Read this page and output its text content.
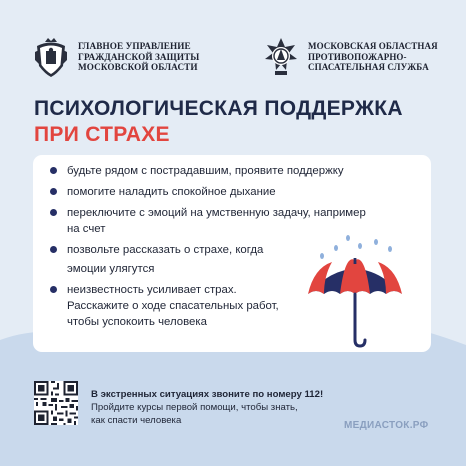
ГЛАВНОЕ УПРАВЛЕНИЕ
ГРАЖДАНСКОЙ ЗАЩИТЫ
МОСКОВСКОЙ ОБЛАСТИ
МОСКОВСКАЯ ОБЛАСТНАЯ
ПРОТИВОПОЖАРНО-
СПАСАТЕЛЬНАЯ СЛУЖБА
ПСИХОЛОГИЧЕСКАЯ ПОДДЕРЖКА
ПРИ СТРАХЕ
будьте рядом с пострадавшим, проявите поддержку
помогите наладить спокойное дыхание
переключите с эмоций на умственную задачу, например
на счет
позвольте рассказать о страхе, когда
эмоции улягутся
неизвестность усиливает страх.
Расскажите о ходе спасательных работ,
чтобы успокоить человека
В экстренных ситуациях звоните по номеру 112!
Пройдите курсы первой помощи, чтобы знать,
как спасти человека	МЕДИАСТОК.РФ
